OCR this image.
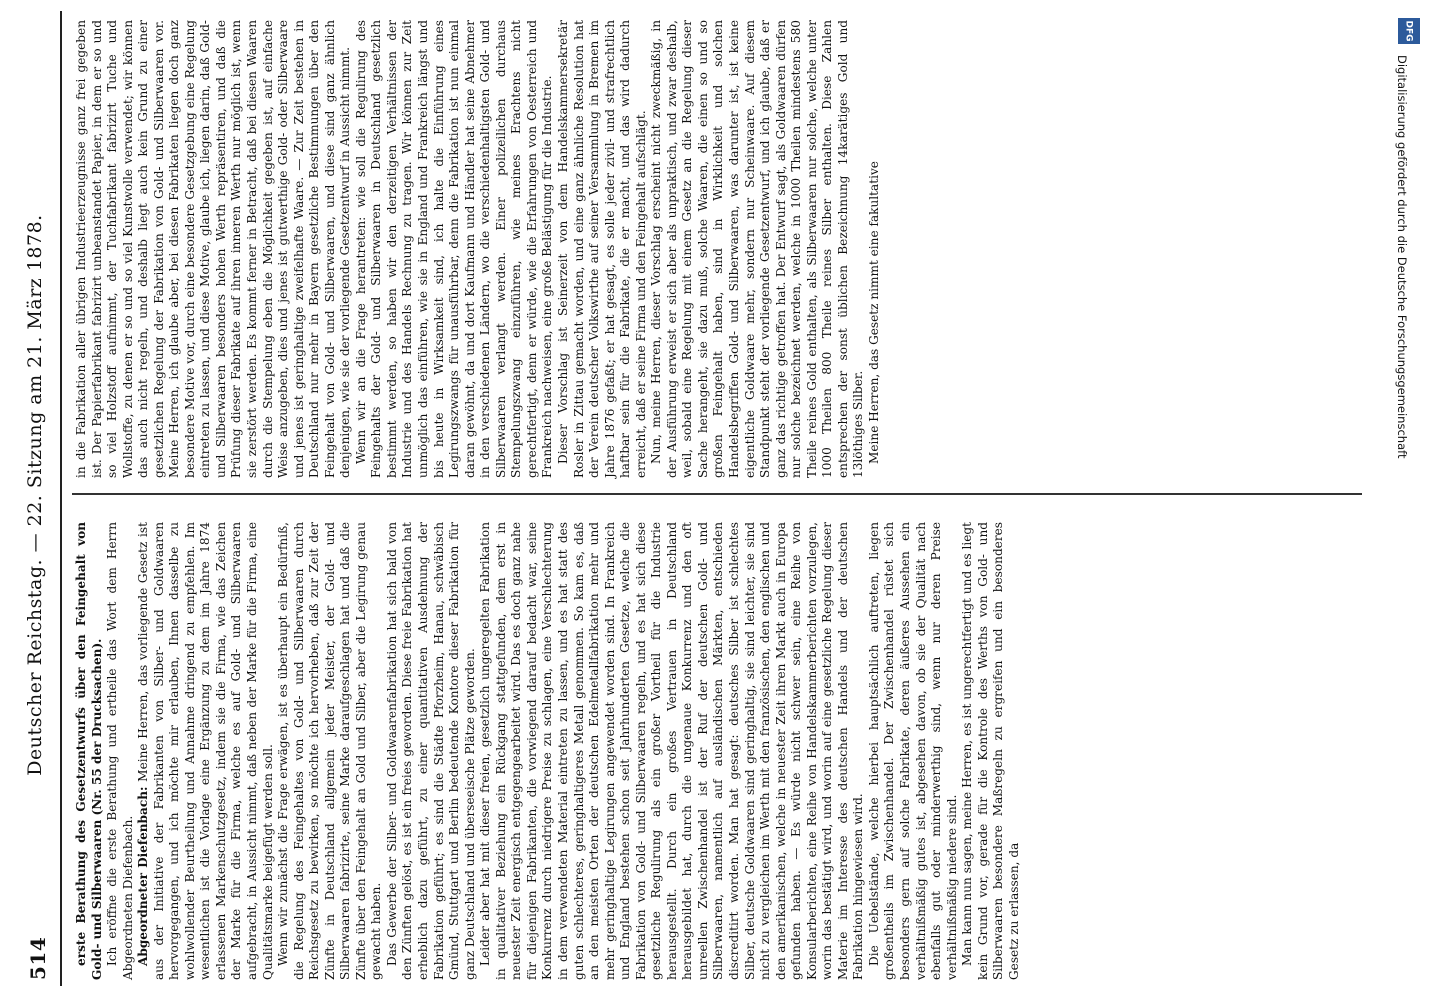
514
Deutscher Reichstag. — 22. Sitzung am 21. März 1878. erste Berathung des Gesetzentwurfs über den Feingehalt von Gold- und Silberwaaren (Nr. 55 der Drucksachen). Ich eröffne die erste Berathung und ertheile das Wort dem Herrn Abgeordneten Diefenbach. Abgeordneter Diefenbach: Meine Herren, das vorliegende Gesetz ist aus der Initiative der Fabrikanten von Silber- und Goldwaaren hervorgegangen, und ich möchte mir erlauben, Ihnen dasselbe zu wohlwollender Beurtheilung und Annahme dringend zu empfehlen. Im wesentlichen ist die Vorlage eine Ergänzung zu dem im Jahre 1874 erlassenen Markenschutzgesetz, indem sie die Firma, wie das Zeichen der Marke für die Firma, welche es auf Gold- und Silberwaaren aufgebracht, in Aussicht nimmt, daß neben der Marke für die Firma, eine Qualitätsmarke beigefügt werden soll. Wenn wir zunächst die Frage erwägen, ist es überhaupt ein Bedürfniß, die Regelung des Feingehaltes von Gold- und Silberwaaren durch Reichsgesetz zu bewirken, so möchte ich hervorheben, daß zur Zeit der Zünfte in Deutschland allgemein jeder Meister, der Gold- und Silberwaaren fabrizirte, seine Marke daraufgeschlagen hat und daß die Zünfte über den Feingehalt an Gold und Silber, aber die Legirung genau gewacht haben. Das Gewerbe der Silber- und Goldwaarenfabrikation hat sich bald von den Zünften gelöst, es ist ein freies geworden. Diese freie Fabrikation hat erheblich dazu geführt, zu einer quantitativen Ausdehnung der Fabrikation geführt; es sind die Städte Pforzheim, Hanau, schwäbisch Gmünd, Stuttgart und Berlin bedeutende Kontore dieser Fabrikation für ganz Deutschland und überseeische Plätze geworden. Leider aber hat mit dieser freien, gesetzlich ungeregelten Fabrikation in qualitativer Beziehung ein Rückgang stattgefunden, dem erst in neuester Zeit energisch entgegengearbeitet wird. Das es doch ganz nahe für diejenigen Fabrikanten, die vorwiegend darauf bedacht war, seine Konkurrenz durch niedrigere Preise zu schlagen, eine Verschlechterung in dem verwendeten Material eintreten zu lassen, und es hat statt des guten schlechteres, geringhaltigeres Metall genommen. So kam es, daß an den meisten Orten der deutschen Edelmetallfabrikation mehr und mehr geringhaltige Legirungen angewendet worden sind. In Frankreich und England bestehen schon seit Jahrhunderten Gesetze, welche die Fabrikation von Gold- und Silberwaaren regeln, und es hat sich diese gesetzliche Regulirung als ein großer Vortheil für die Industrie herausgestellt. Durch ein großes Vertrauen in Deutschland herausgebildet hat, durch die ungenaue Konkurrenz und den oft unreellen Zwischenhandel ist der Ruf der deutschen Gold- und Silberwaaren, namentlich auf ausländischen Märkten, entschieden discreditirt worden. Man hat gesagt: deutsches Silber ist schlechtes Silber, deutsche Goldwaaren sind geringhaltig, sie sind leichter, sie sind nicht zu vergleichen im Werth mit den französischen, den englischen und den amerikanischen, welche in neuester Zeit ihren Markt auch in Europa gefunden haben. — Es würde nicht schwer sein, eine Reihe von Konsularberichten, eine Reihe von Handelskammerberichten vorzulegen, worin das bestätigt wird, und worin auf eine gesetzliche Regelung dieser Materie im Interesse des deutschen Handels und der deutschen Fabrikation hingewiesen wird. Die Uebelstände, welche hierbei hauptsächlich auftreten, liegen großentheils im Zwischenhandel. Der Zwischenhandel rüstet sich besonders gern auf solche Fabrikate, deren äußeres Aussehen ein verhältnißmäßig gutes ist, abgesehen davon, ob sie der Qualität nach ebenfalls gut oder minderwerthig sind, wenn nur deren Preise verhältnißmäßig niedere sind. Man kann nun sagen, meine Herren, es ist ungerechtfertigt und es liegt kein Grund vor, gerade für die Kontrole des Werths von Gold- und Silberwaaren besondere Maßregeln zu ergreifen und ein besonderes Gesetz zu erlassen, da

in die Fabrikation aller übrigen Industrieerzeugnisse ganz frei gegeben ist. Der Papierfabrikant fabrizirt unbeanstandet Papier, in dem er so und so viel Holzstoff aufnimmt, der Tuchfabrikant fabrizirt Tuche und Wollstoffe, zu denen er so und so viel Kunstwolle verwendet; wir können das auch nicht regeln, und deshalb liegt auch kein Grund zu einer gesetzlichen Regelung der Fabrikation von Gold- und Silberwaaren vor. Meine Herren, ich glaube aber, bei diesen Fabrikaten liegen doch ganz besondere Motive vor, durch eine besondere Gesetzgebung eine Regelung eintreten zu lassen, und diese Motive, glaube ich, liegen darin, daß Gold- und Silberwaaren besonders hohen Werth repräsentiren, und daß die Prüfung dieser Fabrikate auf ihren inneren Werth nur möglich ist, wenn sie zerstört werden. Es kommt ferner in Betracht, daß bei diesen Waaren durch die Stempelung eben die Möglichkeit gegeben ist, auf einfache Weise anzugeben, dies und jenes ist gutwerthige Gold- oder Silberwaare und jenes ist geringhaltige zweifelhafte Waare. — Zur Zeit bestehen in Deutschland nur mehr in Bayern gesetzliche Bestimmungen über den Feingehalt von Gold- und Silberwaaren, und diese sind ganz ähnlich denjenigen, wie sie der vorliegende Gesetzentwurf in Aussicht nimmt. Wenn wir an die Frage herantreten: wie soll die Regulirung des Feingehalts der Gold- und Silberwaaren in Deutschland gesetzlich bestimmt werden, so haben wir den derzeitigen Verhältnissen der Industrie und des Handels Rechnung zu tragen. Wir können zur Zeit unmöglich das einführen, wie sie in England und Frankreich längst und bis heute in Wirksamkeit sind, ich halte die Einführung eines Legirungszwangs für unausführbar, denn die Fabrikation ist nun einmal daran gewöhnt, da und dort Kaufmann und Händler hat seine Abnehmer in den verschiedenen Ländern, wo die verschiedenhaltigsten Gold- und Silberwaaren verlangt werden. Einer polizeilichen durchaus Stempelungszwang einzuführen, wie meines Erachtens nicht gerechtfertigt, denn er würde, wie die Erfahrungen von Oesterreich und Frankreich nachweisen, eine große Belästigung für die Industrie. Dieser Vorschlag ist Seinerzeit von dem Handelskammersekretär Rosler in Zittau gemacht worden, und eine ganz ähnliche Resolution hat der Verein deutscher Volkswirthe auf seiner Versammlung in Bremen im Jahre 1876 gefaßt; er hat gesagt, es solle jeder zivil- und strafrechtlich haftbar sein für die Fabrikate, die er macht, und das wird dadurch erreicht, daß er seine Firma und den Feingehalt aufschlägt. Nun, meine Herren, dieser Vorschlag erscheint nicht zweckmäßig, in der Ausführung erweist er sich aber als unpraktisch, und zwar deshalb, weil, sobald eine Regelung mit einem Gesetz an die Regelung dieser Sache herangeht, sie dazu muß, solche Waaren, die einen so und so großen Feingehalt haben, sind in Wirklichkeit und solchen Handelsbegriffen Gold- und Silberwaaren, was darunter ist, ist keine eigentliche Goldwaare mehr, sondern nur Scheinwaare. Auf diesem Standpunkt steht der vorliegende Gesetzentwurf, und ich glaube, daß er ganz das richtige getroffen hat. Der Entwurf sagt, als Goldwaaren dürfen nur solche bezeichnet werden, welche in 1000 Theilen mindestens 580 Theile reines Gold enthalten, als Silberwaaren nur solche, welche unter 1000 Theilen 800 Theile reines Silber enthalten. Diese Zahlen entsprechen der sonst üblichen Bezeichnung 14karätiges Gold und 13löthiges Silber. Meine Herren, das Gesetz nimmt eine fakultative

DFG
Digitalisierung gefördert durch die Deutsche Forschungsgemeinschaft
